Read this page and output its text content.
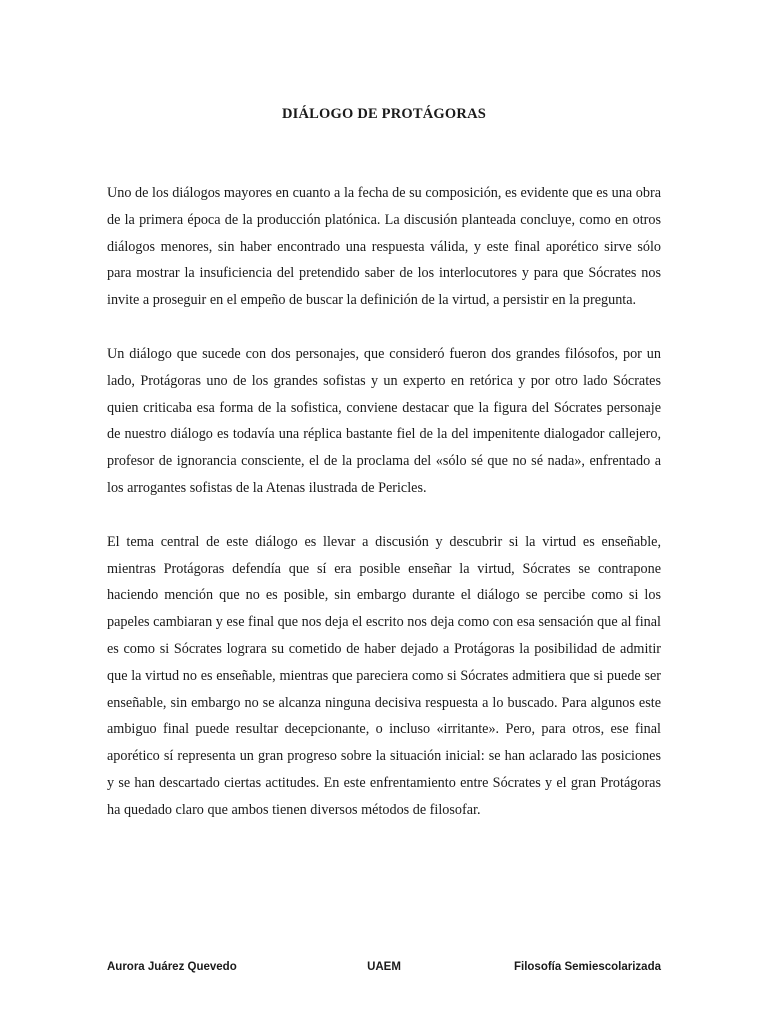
DIÁLOGO DE PROTÁGORAS

Uno de los diálogos mayores en cuanto a la fecha de su composición, es evidente que es una obra de la primera época de la producción platónica. La discusión planteada concluye, como en otros diálogos menores, sin haber encontrado una respuesta válida, y este final aporético sirve sólo para mostrar la insuficiencia del pretendido saber de los interlocutores y para que Sócrates nos invite a proseguir en el empeño de buscar la definición de la virtud, a persistir en la pregunta.

Un diálogo que sucede con dos personajes, que consideró fueron dos grandes filósofos, por un lado, Protágoras uno de los grandes sofistas y un experto en retórica y por otro lado Sócrates quien criticaba esa forma de la sofistica, conviene destacar que la figura del Sócrates personaje de nuestro diálogo es todavía una réplica bastante fiel de la del impenitente dialogador callejero, profesor de ignorancia consciente, el de la proclama del «sólo sé que no sé nada», enfrentado a los arrogantes sofistas de la Atenas ilustrada de Pericles.

El tema central de este diálogo es llevar a discusión y descubrir si la virtud es enseñable, mientras Protágoras defendía que sí era posible enseñar la virtud, Sócrates se contrapone haciendo mención que no es posible, sin embargo durante el diálogo se percibe como si los papeles cambiaran y ese final que nos deja el escrito nos deja como con esa sensación que al final es como si Sócrates lograra su cometido de haber dejado a Protágoras la posibilidad de admitir que la virtud no es enseñable, mientras que pareciera como si Sócrates admitiera que si puede ser enseñable, sin embargo no se alcanza ninguna decisiva respuesta a lo buscado. Para algunos este ambiguo final puede resultar decepcionante, o incluso «irritante». Pero, para otros, ese final aporético sí representa un gran progreso sobre la situación inicial: se han aclarado las posiciones y se han descartado ciertas actitudes. En este enfrentamiento entre Sócrates y el gran Protágoras ha quedado claro que ambos tienen diversos métodos de filosofar.

Aurora Juárez Quevedo	UAEM	Filosofía Semiescolarizada
